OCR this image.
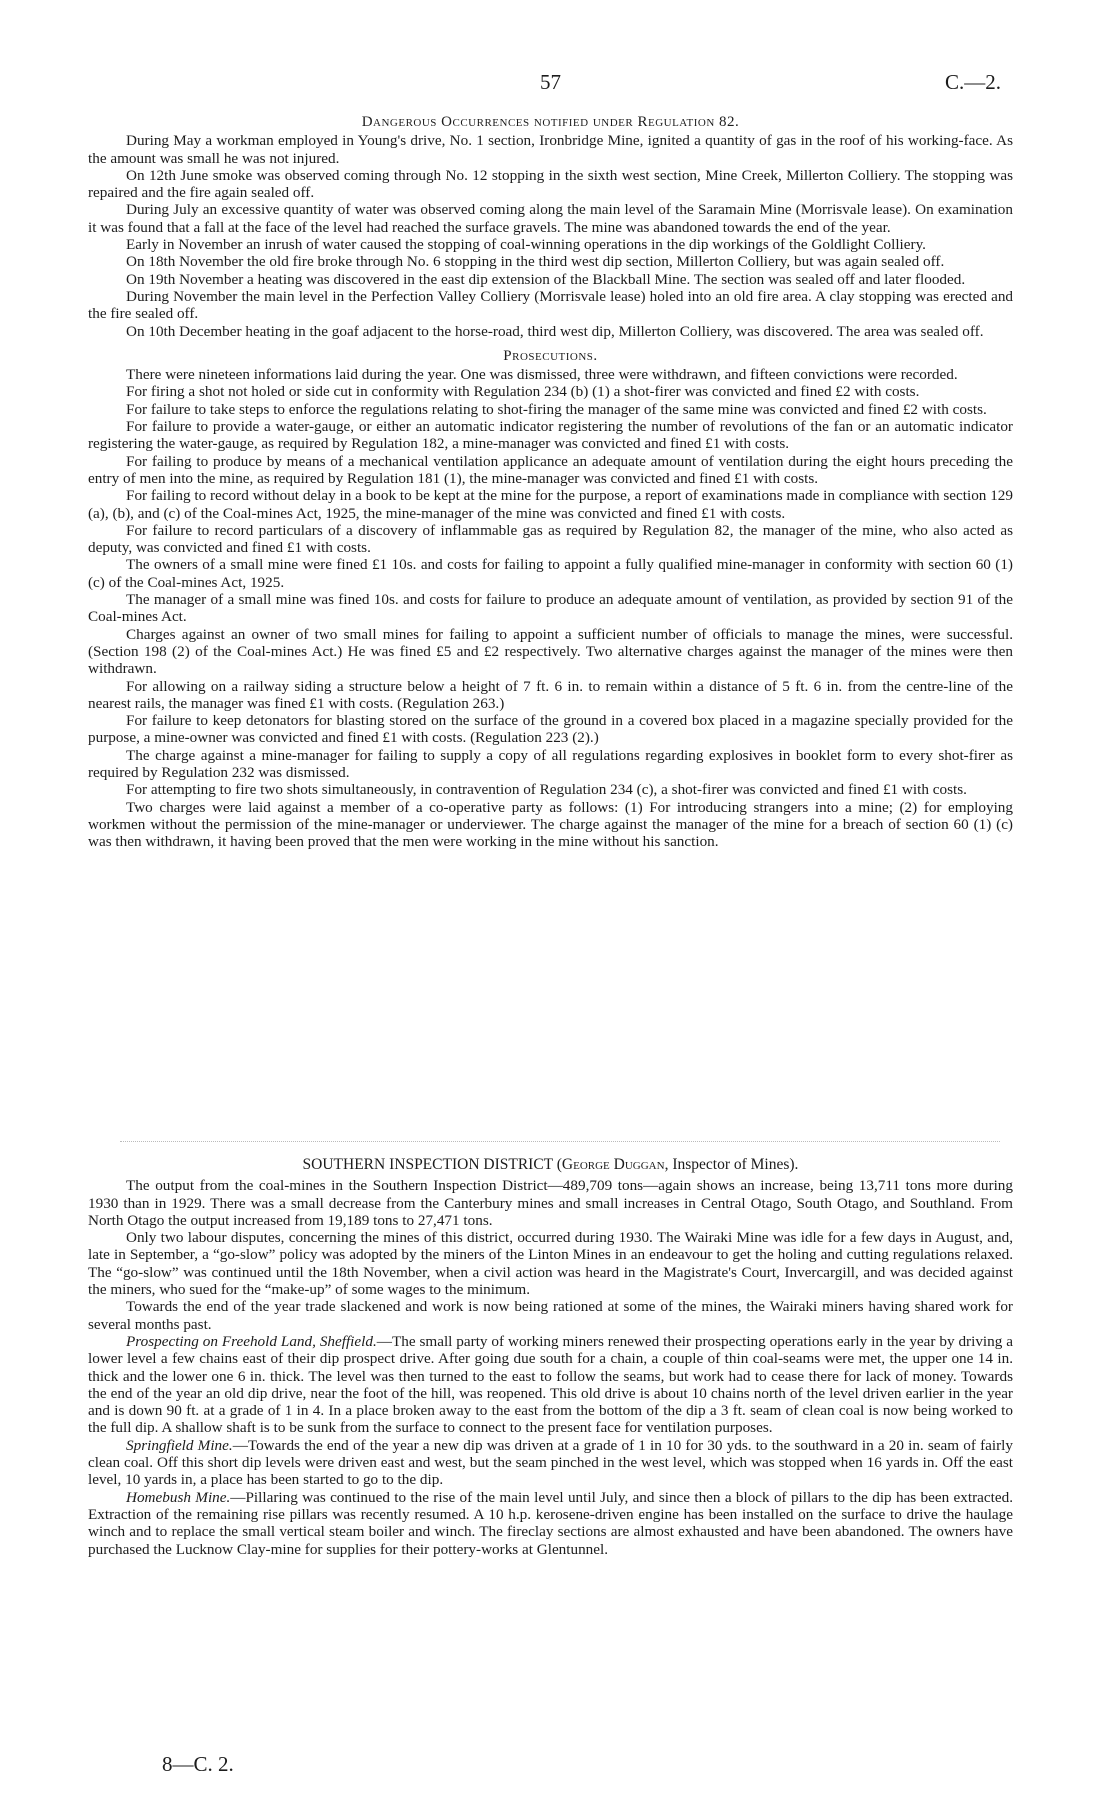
57	C.—2.

Dangerous Occurrences notified under Regulation 82.

During May a workman employed in Young's drive, No. 1 section, Ironbridge Mine, ignited a quantity of gas in the roof of his working-face. As the amount was small he was not injured.

On 12th June smoke was observed coming through No. 12 stopping in the sixth west section, Mine Creek, Millerton Colliery. The stopping was repaired and the fire again sealed off.

During July an excessive quantity of water was observed coming along the main level of the Saramain Mine (Morrisvale lease). On examination it was found that a fall at the face of the level had reached the surface gravels. The mine was abandoned towards the end of the year.

Early in November an inrush of water caused the stopping of coal-winning operations in the dip workings of the Goldlight Colliery.

On 18th November the old fire broke through No. 6 stopping in the third west dip section, Millerton Colliery, but was again sealed off.

On 19th November a heating was discovered in the east dip extension of the Blackball Mine. The section was sealed off and later flooded.

During November the main level in the Perfection Valley Colliery (Morrisvale lease) holed into an old fire area. A clay stopping was erected and the fire sealed off.

On 10th December heating in the goaf adjacent to the horse-road, third west dip, Millerton Colliery, was discovered. The area was sealed off.

Prosecutions.

There were nineteen informations laid during the year. One was dismissed, three were withdrawn, and fifteen convictions were recorded.

For firing a shot not holed or side cut in conformity with Regulation 234 (b) (1) a shot-firer was convicted and fined £2 with costs.

For failure to take steps to enforce the regulations relating to shot-firing the manager of the same mine was convicted and fined £2 with costs.

For failure to provide a water-gauge, or either an automatic indicator registering the number of revolutions of the fan or an automatic indicator registering the water-gauge, as required by Regulation 182, a mine-manager was convicted and fined £1 with costs.

For failing to produce by means of a mechanical ventilation applicance an adequate amount of ventilation during the eight hours preceding the entry of men into the mine, as required by Regulation 181 (1), the mine-manager was convicted and fined £1 with costs.

For failing to record without delay in a book to be kept at the mine for the purpose, a report of examinations made in compliance with section 129 (a), (b), and (c) of the Coal-mines Act, 1925, the mine-manager of the mine was convicted and fined £1 with costs.

For failure to record particulars of a discovery of inflammable gas as required by Regulation 82, the manager of the mine, who also acted as deputy, was convicted and fined £1 with costs.

The owners of a small mine were fined £1 10s. and costs for failing to appoint a fully qualified mine-manager in conformity with section 60 (1) (c) of the Coal-mines Act, 1925.

The manager of a small mine was fined 10s. and costs for failure to produce an adequate amount of ventilation, as provided by section 91 of the Coal-mines Act.

Charges against an owner of two small mines for failing to appoint a sufficient number of officials to manage the mines, were successful. (Section 198 (2) of the Coal-mines Act.) He was fined £5 and £2 respectively. Two alternative charges against the manager of the mines were then withdrawn.

For allowing on a railway siding a structure below a height of 7 ft. 6 in. to remain within a distance of 5 ft. 6 in. from the centre-line of the nearest rails, the manager was fined £1 with costs. (Regulation 263.)

For failure to keep detonators for blasting stored on the surface of the ground in a covered box placed in a magazine specially provided for the purpose, a mine-owner was convicted and fined £1 with costs. (Regulation 223 (2).)

The charge against a mine-manager for failing to supply a copy of all regulations regarding explosives in booklet form to every shot-firer as required by Regulation 232 was dismissed.

For attempting to fire two shots simultaneously, in contravention of Regulation 234 (c), a shot-firer was convicted and fined £1 with costs.

Two charges were laid against a member of a co-operative party as follows: (1) For introducing strangers into a mine; (2) for employing workmen without the permission of the mine-manager or underviewer. The charge against the manager of the mine for a breach of section 60 (1) (c) was then withdrawn, it having been proved that the men were working in the mine without his sanction.

SOUTHERN INSPECTION DISTRICT (George Duggan, Inspector of Mines).

The output from the coal-mines in the Southern Inspection District—489,709 tons—again shows an increase, being 13,711 tons more during 1930 than in 1929. There was a small decrease from the Canterbury mines and small increases in Central Otago, South Otago, and Southland. From North Otago the output increased from 19,189 tons to 27,471 tons.

Only two labour disputes, concerning the mines of this district, occurred during 1930. The Wairaki Mine was idle for a few days in August, and, late in September, a “go-slow” policy was adopted by the miners of the Linton Mines in an endeavour to get the holing and cutting regulations relaxed. The “go-slow” was continued until the 18th November, when a civil action was heard in the Magistrate's Court, Invercargill, and was decided against the miners, who sued for the “make-up” of some wages to the minimum.

Towards the end of the year trade slackened and work is now being rationed at some of the mines, the Wairaki miners having shared work for several months past.

Prospecting on Freehold Land, Sheffield.—The small party of working miners renewed their prospecting operations early in the year by driving a lower level a few chains east of their dip prospect drive. After going due south for a chain, a couple of thin coal-seams were met, the upper one 14 in. thick and the lower one 6 in. thick. The level was then turned to the east to follow the seams, but work had to cease there for lack of money. Towards the end of the year an old dip drive, near the foot of the hill, was reopened. This old drive is about 10 chains north of the level driven earlier in the year and is down 90 ft. at a grade of 1 in 4. In a place broken away to the east from the bottom of the dip a 3 ft. seam of clean coal is now being worked to the full dip. A shallow shaft is to be sunk from the surface to connect to the present face for ventilation purposes.

Springfield Mine.—Towards the end of the year a new dip was driven at a grade of 1 in 10 for 30 yds. to the southward in a 20 in. seam of fairly clean coal. Off this short dip levels were driven east and west, but the seam pinched in the west level, which was stopped when 16 yards in. Off the east level, 10 yards in, a place has been started to go to the dip.

Homebush Mine.—Pillaring was continued to the rise of the main level until July, and since then a block of pillars to the dip has been extracted. Extraction of the remaining rise pillars was recently resumed. A 10 h.p. kerosene-driven engine has been installed on the surface to drive the haulage winch and to replace the small vertical steam boiler and winch. The fireclay sections are almost exhausted and have been abandoned. The owners have purchased the Lucknow Clay-mine for supplies for their pottery-works at Glentunnel.

8—C. 2.
